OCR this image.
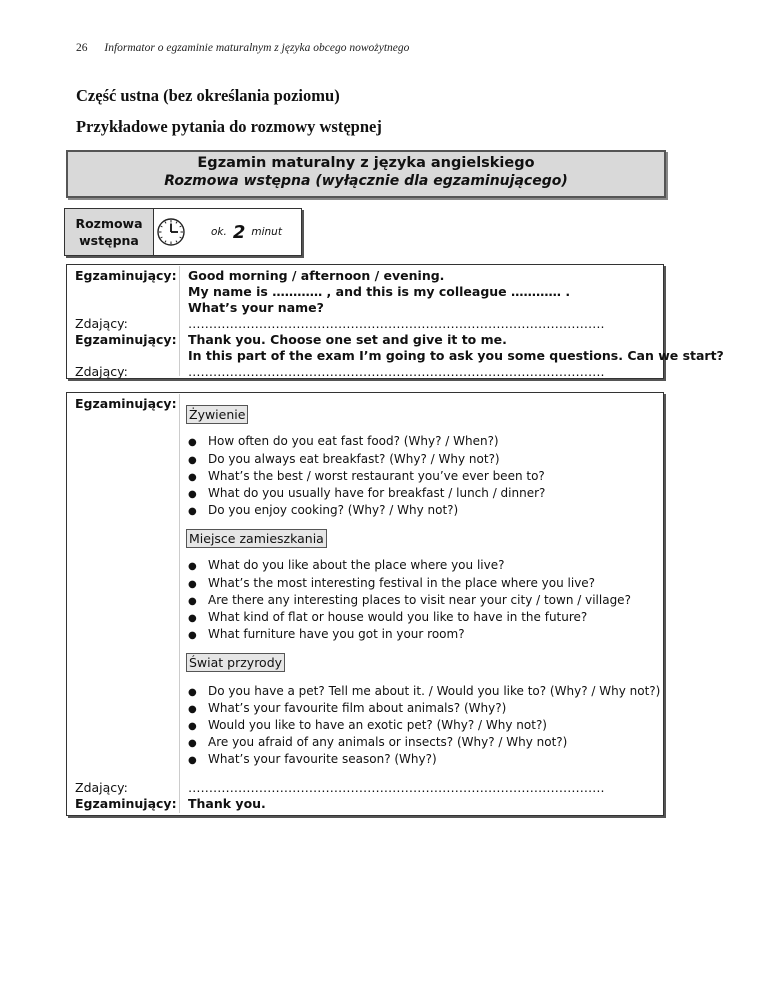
26 Informator o egzaminie maturalnym z języka obcego nowożytnego
Część ustna (bez określania poziomu)
Przykładowe pytania do rozmowy wstępnej
Egzamin maturalny z języka angielskiego
Rozmowa wstępna (wyłącznie dla egzaminującego)
Rozmowa
wstępna
ok. 2 minut
Egzaminujący:
Zdający:
Egzaminujący:
Zdający:
Good morning / afternoon / evening.
My name is ………… , and this is my colleague ………… .
What’s your name?
……………………………………………………………………………………….
Thank you. Choose one set and give it to me.
In this part of the exam I’m going to ask you some questions. Can we start?
……………………………………………………………………………………….
Egzaminujący:
Żywienie
● How often do you eat fast food? (Why? / When?)
● Do you always eat breakfast? (Why? / Why not?)
● What’s the best / worst restaurant you’ve ever been to?
● What do you usually have for breakfast / lunch / dinner?
● Do you enjoy cooking? (Why? / Why not?)
Miejsce zamieszkania
● What do you like about the place where you live?
● What’s the most interesting festival in the place where you live?
● Are there any interesting places to visit near your city / town / village?
● What kind of flat or house would you like to have in the future?
● What furniture have you got in your room?
Świat przyrody
● Do you have a pet? Tell me about it. / Would you like to? (Why? / Why not?)
● What’s your favourite film about animals? (Why?)
● Would you like to have an exotic pet? (Why? / Why not?)
● Are you afraid of any animals or insects? (Why? / Why not?)
● What’s your favourite season? (Why?)
Zdający:
Egzaminujący:
……………………………………………………………………………………….
Thank you.
